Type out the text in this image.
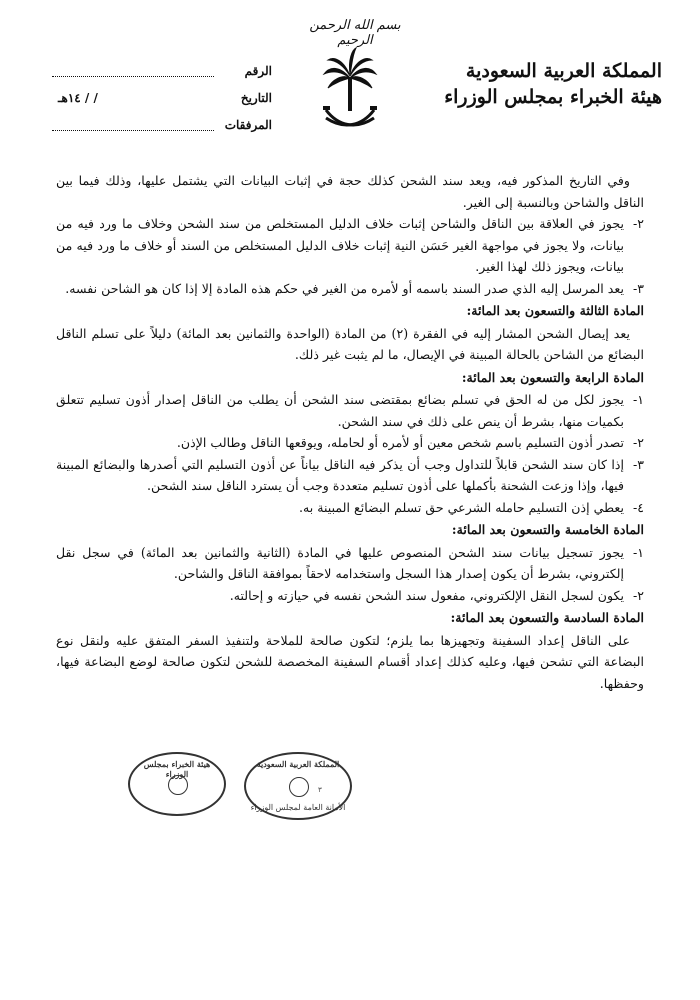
بسم الله الرحمن الرحيم
المملكة العربية السعودية
هيئة الخبراء بمجلس الوزراء
الرقم
التاريخ
/ / ١٤هـ
المرفقات

وفي التاريخ المذكور فيه، ويعد سند الشحن كذلك حجة في إثبات البيانات التي يشتمل عليها، وذلك فيما بين الناقل والشاحن وبالنسبة إلى الغير.

٢-
يجوز في العلاقة بين الناقل والشاحن إثبات خلاف الدليل المستخلص من سند الشحن وخلاف ما ورد فيه من بيانات، ولا يجوز في مواجهة الغير حَسَن النية إثبات خلاف الدليل المستخلص من السند أو خلاف ما ورد فيه من بيانات، ويجوز ذلك لهذا الغير.

٣-
يعد المرسل إليه الذي صدر السند باسمه أو لأمره من الغير في حكم هذه المادة إلا إذا كان هو الشاحن نفسه.

المادة الثالثة والتسعون بعد المائة:

يعد إيصال الشحن المشار إليه في الفقرة (٢) من المادة (الواحدة والثمانين بعد المائة) دليلاً على تسلم الناقل البضائع من الشاحن بالحالة المبينة في الإيصال، ما لم يثبت غير ذلك.

المادة الرابعة والتسعون بعد المائة:

١-
يجوز لكل من له الحق في تسلم بضائع بمقتضى سند الشحن أن يطلب من الناقل إصدار أذون تسليم تتعلق بكميات منها، بشرط أن ينص على ذلك في سند الشحن.

٢-
تصدر أذون التسليم باسم شخص معين أو لأمره أو لحامله، ويوقعها الناقل وطالب الإذن.

٣-
إذا كان سند الشحن قابلاً للتداول وجب أن يذكر فيه الناقل بياناً عن أذون التسليم التي أصدرها والبضائع المبينة فيها، وإذا وزعت الشحنة بأكملها على أذون تسليم متعددة وجب أن يسترد الناقل سند الشحن.

٤-
يعطي إذن التسليم حامله الشرعي حق تسلم البضائع المبينة به.

المادة الخامسة والتسعون بعد المائة:

١-
يجوز تسجيل بيانات سند الشحن المنصوص عليها في المادة (الثانية والثمانين بعد المائة) في سجل نقل إلكتروني، بشرط أن يكون إصدار هذا السجل واستخدامه لاحقاً بموافقة الناقل والشاحن.

٢-
يكون لسجل النقل الإلكتروني، مفعول سند الشحن نفسه في حيازته و إحالته.

المادة السادسة والتسعون بعد المائة:

على الناقل إعداد السفينة وتجهيزها بما يلزم؛ لتكون صالحة للملاحة ولتنفيذ السفر المتفق عليه ولنقل نوع البضاعة التي تشحن فيها، وعليه كذلك إعداد أقسام السفينة المخصصة للشحن لتكون صالحة لوضع البضاعة فيها، وحفظها.

هيئة الخبراء بمجلس الوزراء
المملكة العربية السعودية
الأمانة العامة لمجلس الوزراء
٣
